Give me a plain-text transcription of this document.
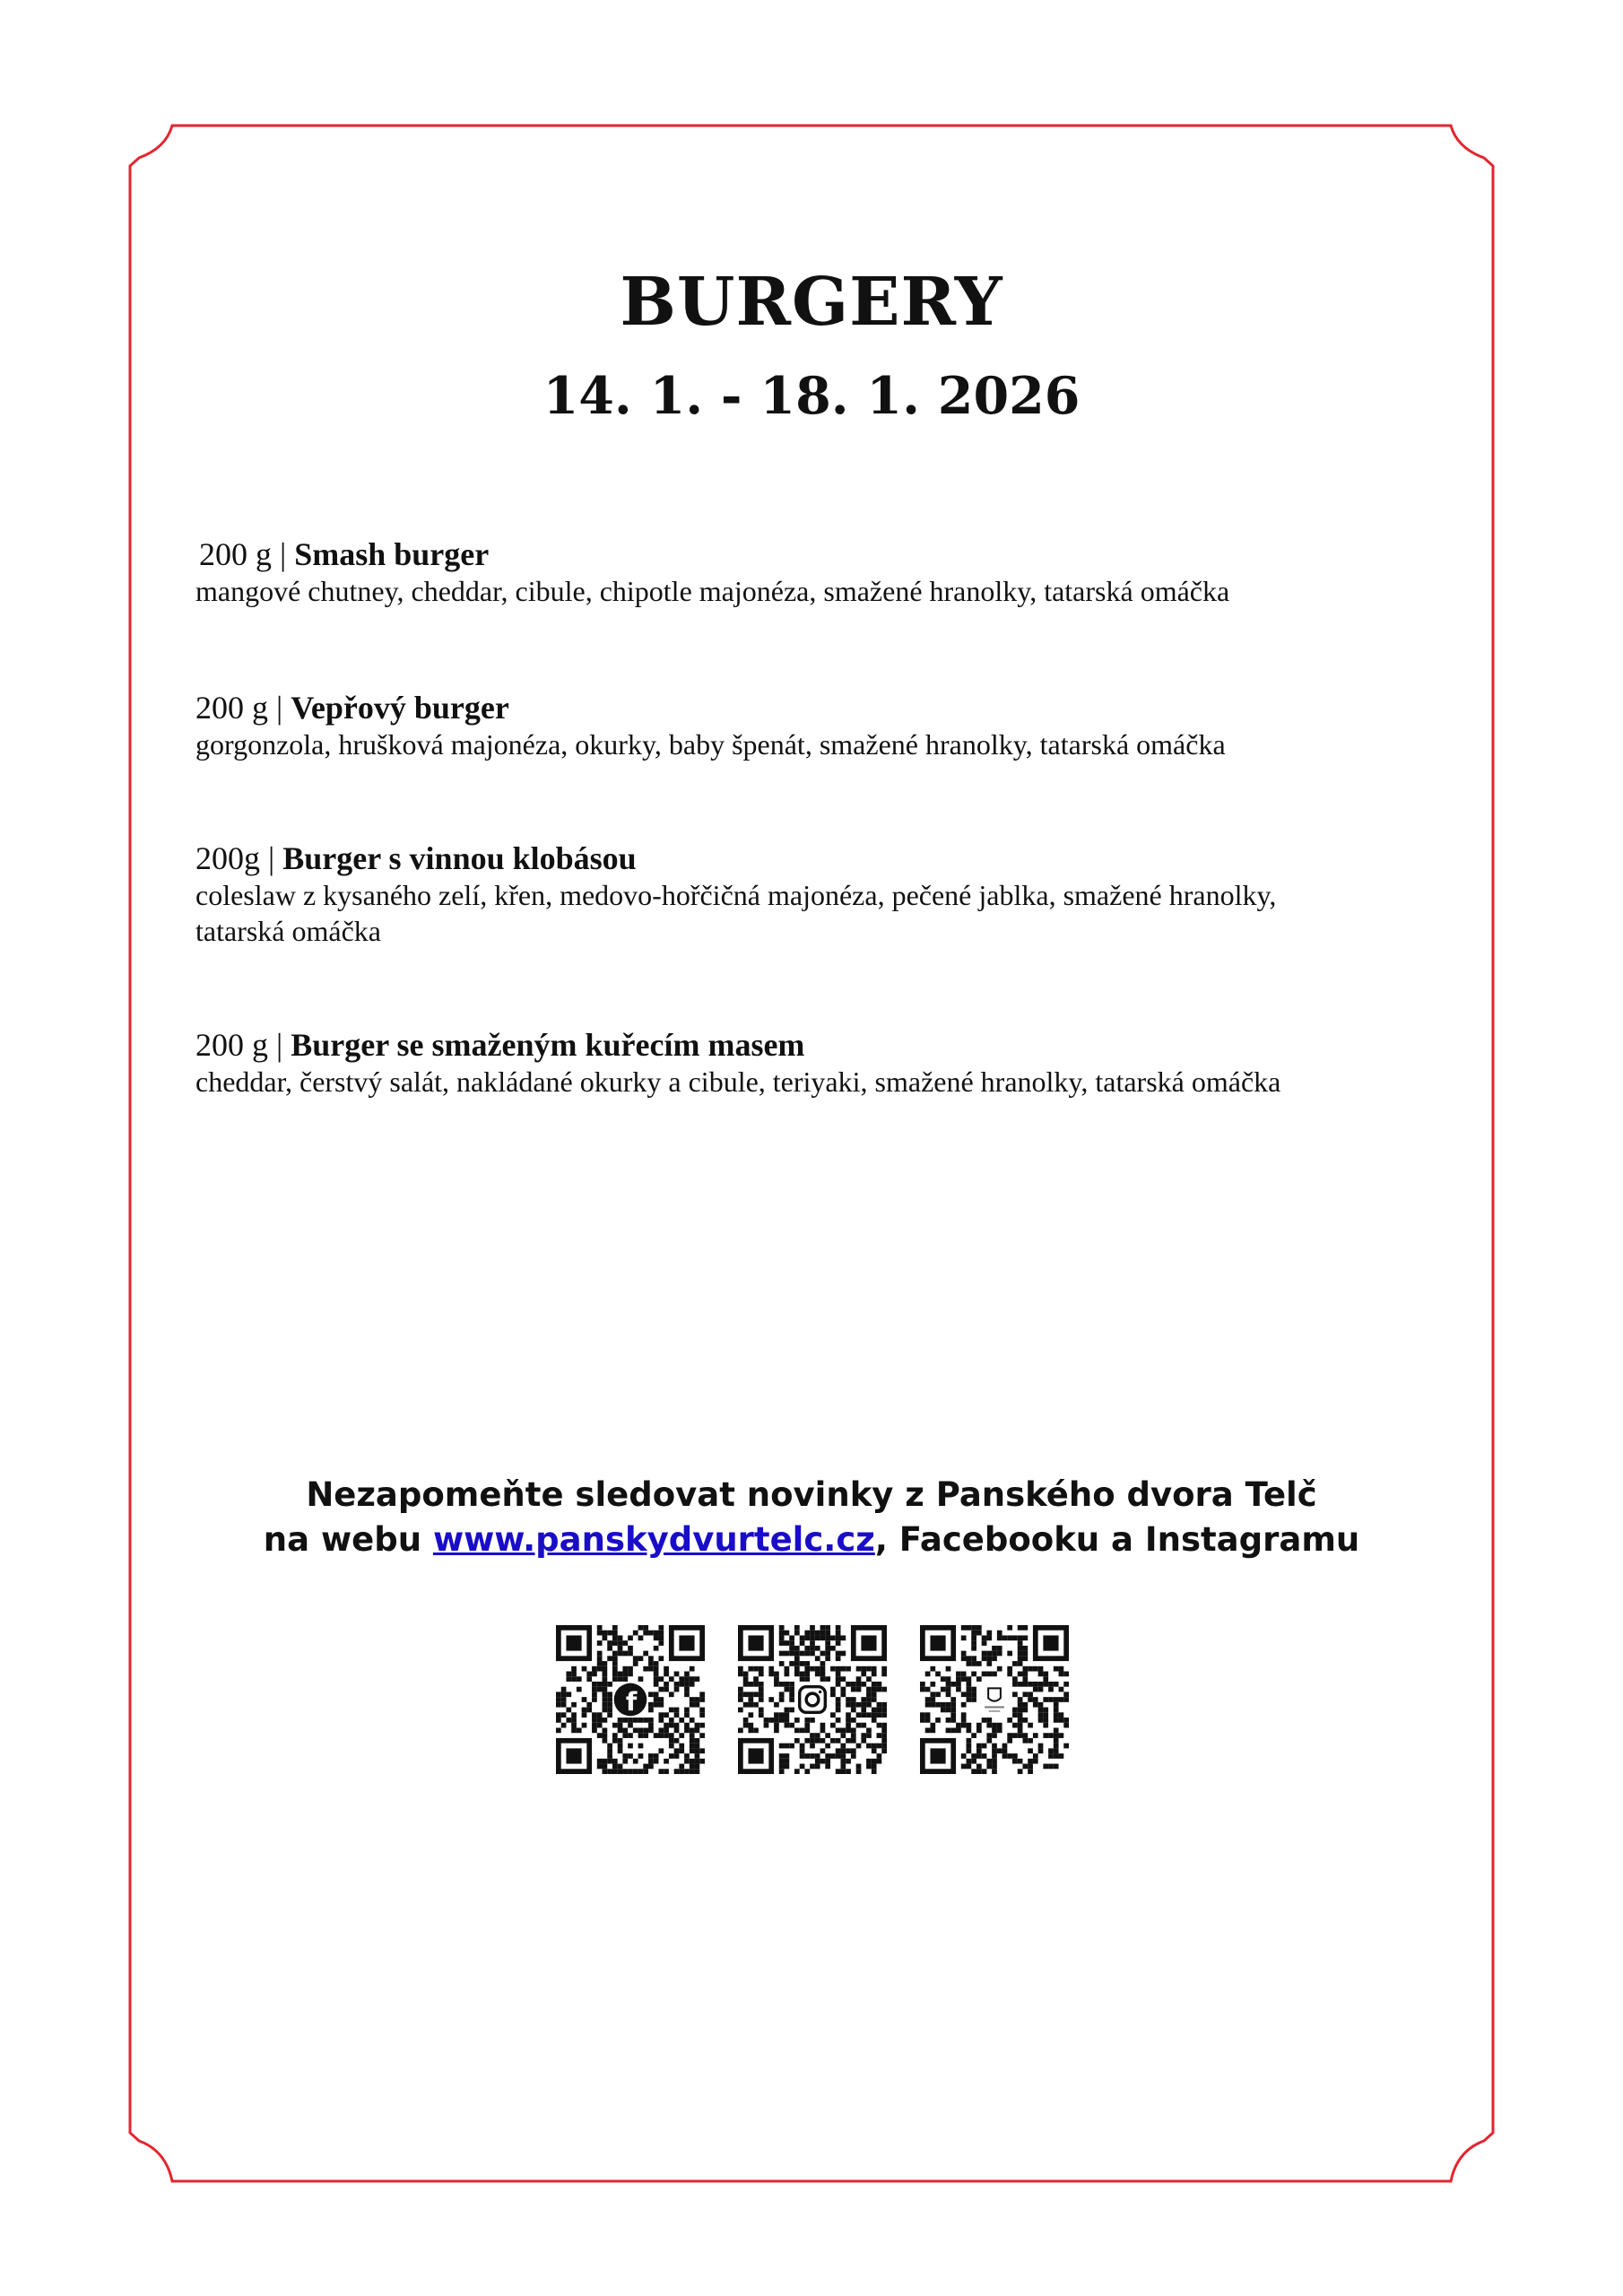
BURGERY
14. 1. - 18. 1. 2026
200 g | Smash burger
mangové chutney, cheddar, cibule, chipotle majonéza, smažené hranolky, tatarská omáčka
200 g | Vepřový burger
gorgonzola, hrušková majonéza, okurky, baby špenát, smažené hranolky, tatarská omáčka
200g | Burger s vinnou klobásou
coleslaw z kysaného zelí, křen, medovo-hořčičná majonéza, pečené jablka, smažené hranolky,
tatarská omáčka
200 g | Burger se smaženým kuřecím masem
cheddar, čerstvý salát, nakládané okurky a cibule, teriyaki, smažené hranolky, tatarská omáčka
Nezapomeňte sledovat novinky z Panského dvora Telč
na webu www.panskydvurtelc.cz, Facebooku a Instagramu
f
